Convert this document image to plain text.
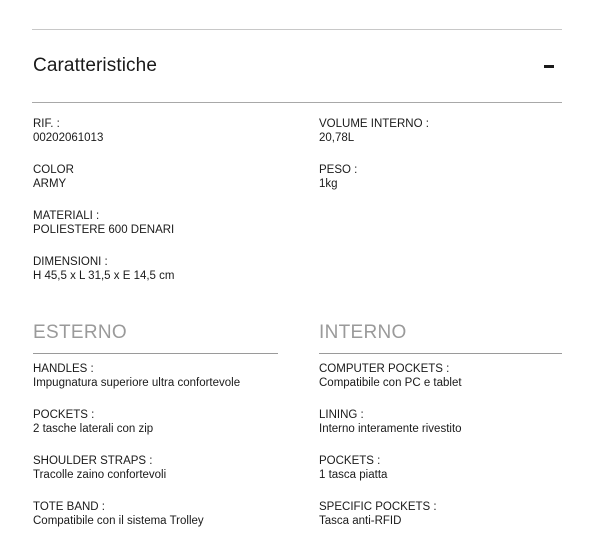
Caratteristiche
RIF. :
00202061013
COLOR
ARMY
MATERIALI :
POLIESTERE 600 DENARI
DIMENSIONI :
H 45,5 x L 31,5 x E 14,5 cm
VOLUME INTERNO :
20,78L
PESO :
1kg
ESTERNO
HANDLES :
Impugnatura superiore ultra confortevole
POCKETS :
2 tasche laterali con zip
SHOULDER STRAPS :
Tracolle zaino confortevoli
TOTE BAND :
Compatibile con il sistema Trolley
INTERNO
COMPUTER POCKETS :
Compatibile con PC e tablet
LINING :
Interno interamente rivestito
POCKETS :
1 tasca piatta
SPECIFIC POCKETS :
Tasca anti-RFID
